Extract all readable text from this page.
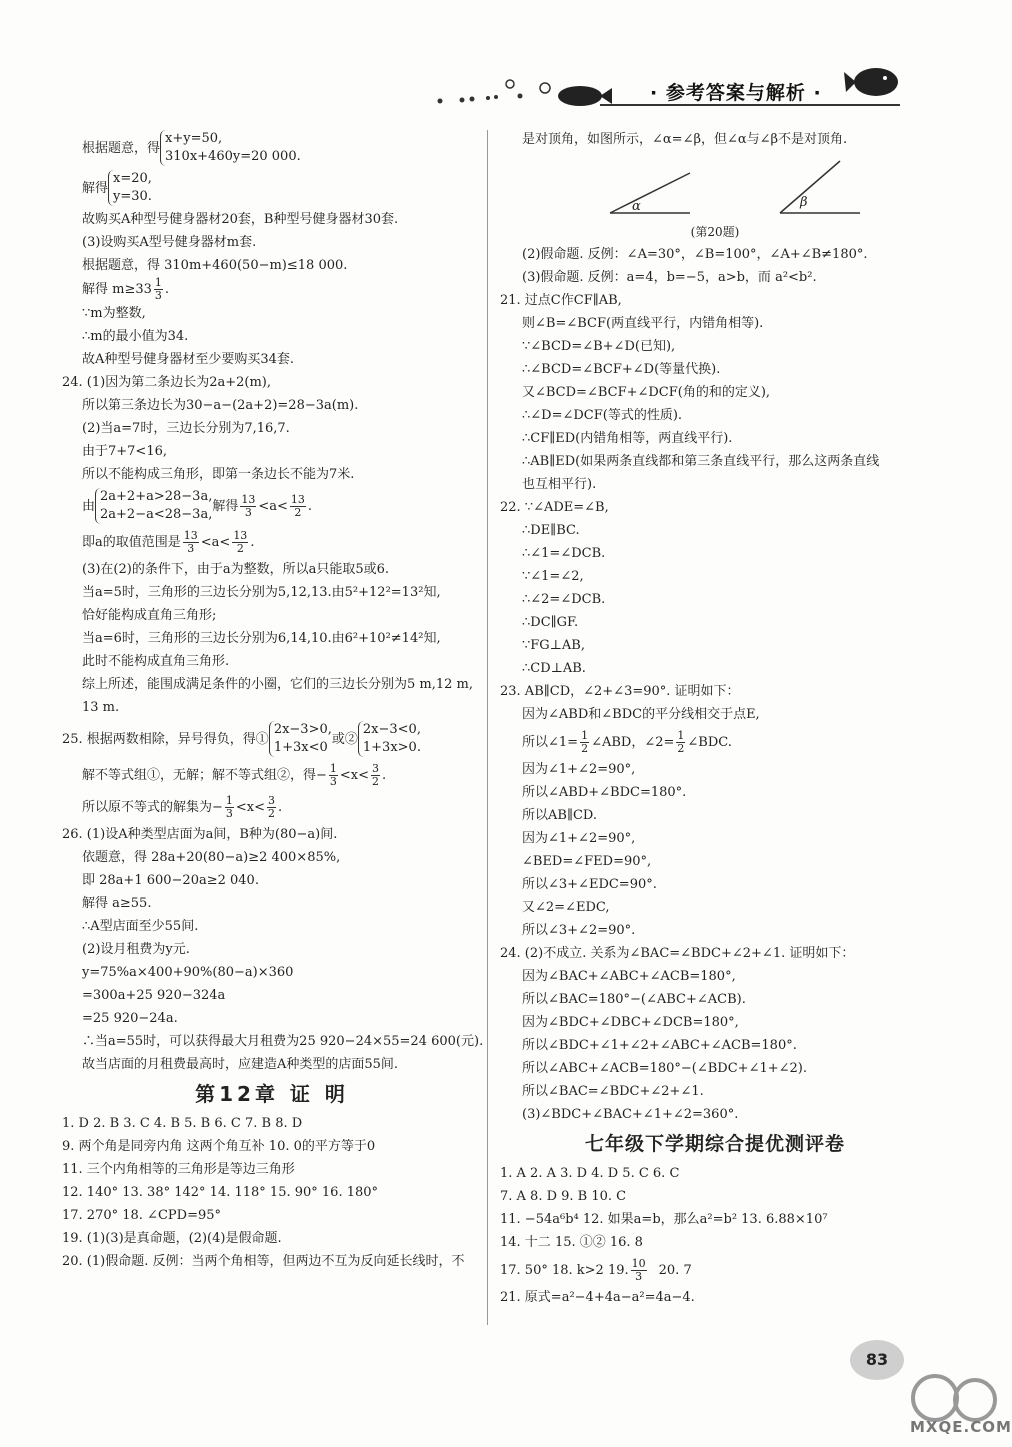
· 参考答案与解析 ·
根据题意，得
x+y=50,
310x+460y=20 000.
解得
x=20,
y=30.
故购买A种型号健身器材20套，B种型号健身器材30套.
(3)设购买A型号健身器材m套.
根据题意，得 310m+460(50−m)≤18 000.
解得 $m\ge 33 \frac{1}{3}$ .
∵m为整数,
∴m的最小值为34.
故A种型号健身器材至少要购买34套.
24. (1)因为第二条边长为2a+2(m),
所以第三条边长为30−a−(2a+2)=28−3a(m).
(2)当a=7时，三边长分别为7,16,7.
由于7+7<16,
所以不能构成三角形，即第一条边长不能为7米.
由
2a+2+a>28−3a,
2a+2−a<28−3a,
解得 $\frac{13}{3} <a< \frac{13}{2}$ .
即a的取值范围是 $\frac{13}{3} <a< \frac{13}{2}$ .
(3)在(2)的条件下，由于a为整数，所以a只能取5或6.
当a=5时，三角形的三边长分别为5,12,13.由5²+12²=13²知,
恰好能构成直角三角形;
当a=6时，三角形的三边长分别为6,14,10.由6²+10²≠14²知,
此时不能构成直角三角形.
综上所述，能围成满足条件的小圈，它们的三边长分别为5 m,12 m,
13 m.
25. 根据两数相除，异号得负，得①
2x−3>0,
1+3x<0
或②
2x−3<0,
1+3x>0.
解不等式组①，无解；解不等式组②，得− $\frac{1}{3} <x< \frac{3}{2}$ .
所以原不等式的解集为− $\frac{1}{3} <x< \frac{3}{2}$ .
26. (1)设A种类型店面为a间，B种为(80−a)间.
依题意，得 28a+20(80−a)≥2 400×85%,
即 28a+1 600−20a≥2 040.
解得 a≥55.
∴A型店面至少55间.
(2)设月租费为y元.
y=75%a×400+90%(80−a)×360
=300a+25 920−324a
=25 920−24a.
∴当a=55时，可以获得最大月租费为25 920−24×55=24 600(元).
故当店面的月租费最高时，应建造A种类型的店面55间.
第12章 证 明
1. D 2. B 3. C 4. B 5. B 6. C 7. B 8. D
9. 两个角是同旁内角 这两个角互补 10. 0的平方等于0
11. 三个内角相等的三角形是等边三角形
12. 140° 13. 38° 142° 14. 118° 15. 90° 16. 180°
17. 270° 18. ∠CPD=95°
19. (1)(3)是真命题，(2)(4)是假命题.
20. (1)假命题. 反例：当两个角相等，但两边不互为反向延长线时，不
是对顶角，如图所示，∠α=∠β，但∠α与∠β不是对顶角.
α	β
(第20题)
(2)假命题. 反例：∠A=30°，∠B=100°，∠A+∠B≠180°.
(3)假命题. 反例：a=4，b=−5，a>b，而 a²<b².
21. 过点C作CF∥AB,
则∠B=∠BCF(两直线平行，内错角相等).
∵∠BCD=∠B+∠D(已知),
∴∠BCD=∠BCF+∠D(等量代换).
又∠BCD=∠BCF+∠DCF(角的和的定义),
∴∠D=∠DCF(等式的性质).
∴CF∥ED(内错角相等，两直线平行).
∴AB∥ED(如果两条直线都和第三条直线平行，那么这两条直线
也互相平行).
22. ∵∠ADE=∠B,
∴DE∥BC.
∴∠1=∠DCB.
∵∠1=∠2,
∴∠2=∠DCB.
∴DC∥GF.
∵FG⊥AB,
∴CD⊥AB.
23. AB∥CD，∠2+∠3=90°. 证明如下：
因为∠ABD和∠BDC的平分线相交于点E,
所以∠1= $\frac{1}{2}$ ∠ABD，∠2= $\frac{1}{2}$ ∠BDC.
因为∠1+∠2=90°,
所以∠ABD+∠BDC=180°.
所以AB∥CD.
因为∠1+∠2=90°,
∠BED=∠FED=90°,
所以∠3+∠EDC=90°.
又∠2=∠EDC,
所以∠3+∠2=90°.
24. (2)不成立. 关系为∠BAC=∠BDC+∠2+∠1. 证明如下：
因为∠BAC+∠ABC+∠ACB=180°,
所以∠BAC=180°−(∠ABC+∠ACB).
因为∠BDC+∠DBC+∠DCB=180°,
所以∠BDC+∠1+∠2+∠ABC+∠ACB=180°.
所以∠ABC+∠ACB=180°−(∠BDC+∠1+∠2).
所以∠BAC=∠BDC+∠2+∠1.
(3)∠BDC+∠BAC+∠1+∠2=360°.
七年级下学期综合提优测评卷
1. A 2. A 3. D 4. D 5. C 6. C
7. A 8. D 9. B 10. C
11. −54a⁶b⁴ 12. 如果a=b，那么a²=b² 13. 6.88×10⁷
14. 十二 15. ①② 16. 8
17. 50° 18. k>2 19. $\frac{10}{3} 20$. 7
21. 原式=a²−4+4a−a²=4a−4.
83
MXQE.COM
